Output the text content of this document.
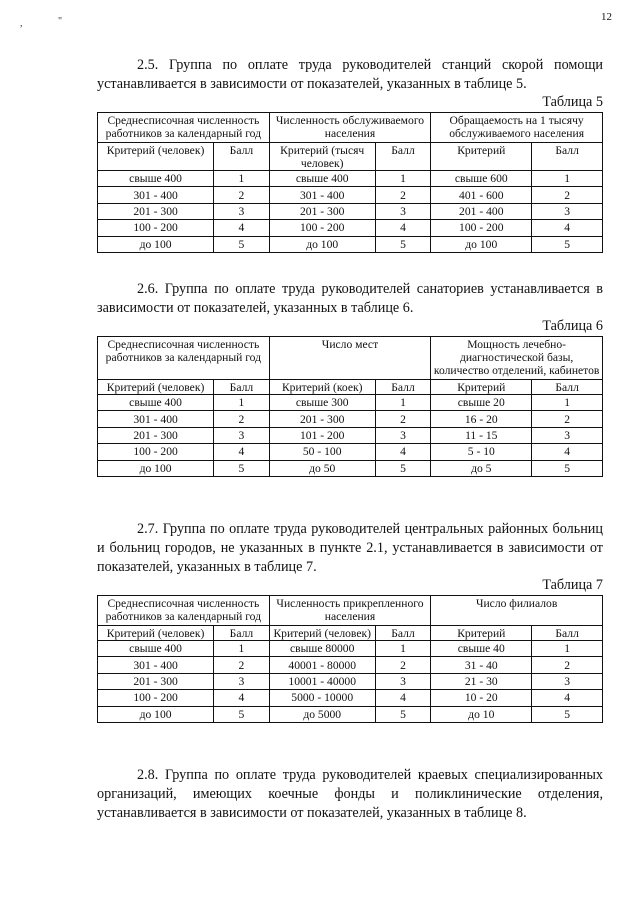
12
,	"

2.5. Группа по оплате труда руководителей станций скорой помощи устанавливается в зависимости от показателей, указанных в таблице 5.

Таблица 5

Среднесписочная численность работников за календарный год		Численность обслуживаемого населения		Обращаемость на 1 тысячу обслуживаемого населения	
Критерий (человек)	Балл	Критерий (тысяч человек)	Балл	Критерий	Балл
свыше 400	1	свыше 400	1	свыше 600	1
301 - 400	2	301 - 400	2	401 - 600	2
201 - 300	3	201 - 300	3	201 - 400	3
100 - 200	4	100 - 200	4	100 - 200	4
до 100	5	до 100	5	до 100	5

2.6. Группа по оплате труда руководителей санаториев устанавливается в зависимости от показателей, указанных в таблице 6.

Таблица 6

Среднесписочная численность работников за календарный год		Число мест		Мощность лечебно-диагностической базы, количество отделений, кабинетов	
Критерий (человек)	Балл	Критерий (коек)	Балл	Критерий	Балл
свыше 400	1	свыше 300	1	свыше 20	1
301 - 400	2	201 - 300	2	16 - 20	2
201 - 300	3	101 - 200	3	11 - 15	3
100 - 200	4	50 - 100	4	5 - 10	4
до 100	5	до 50	5	до 5	5

2.7. Группа по оплате труда руководителей центральных районных больниц и больниц городов, не указанных в пункте 2.1, устанавливается в зависимости от показателей, указанных в таблице 7.

Таблица 7

Среднесписочная численность работников за календарный год		Численность прикрепленного населения		Число филиалов	
Критерий (человек)	Балл	Критерий (человек)	Балл	Критерий	Балл
свыше 400	1	свыше 80000	1	свыше 40	1
301 - 400	2	40001 - 80000	2	31 - 40	2
201 - 300	3	10001 - 40000	3	21 - 30	3
100 - 200	4	5000 - 10000	4	10 - 20	4
до 100	5	до 5000	5	до 10	5

2.8. Группа по оплате труда руководителей краевых специализированных организаций, имеющих коечные фонды и поликлинические отделения, устанавливается в зависимости от показателей, указанных в таблице 8.
